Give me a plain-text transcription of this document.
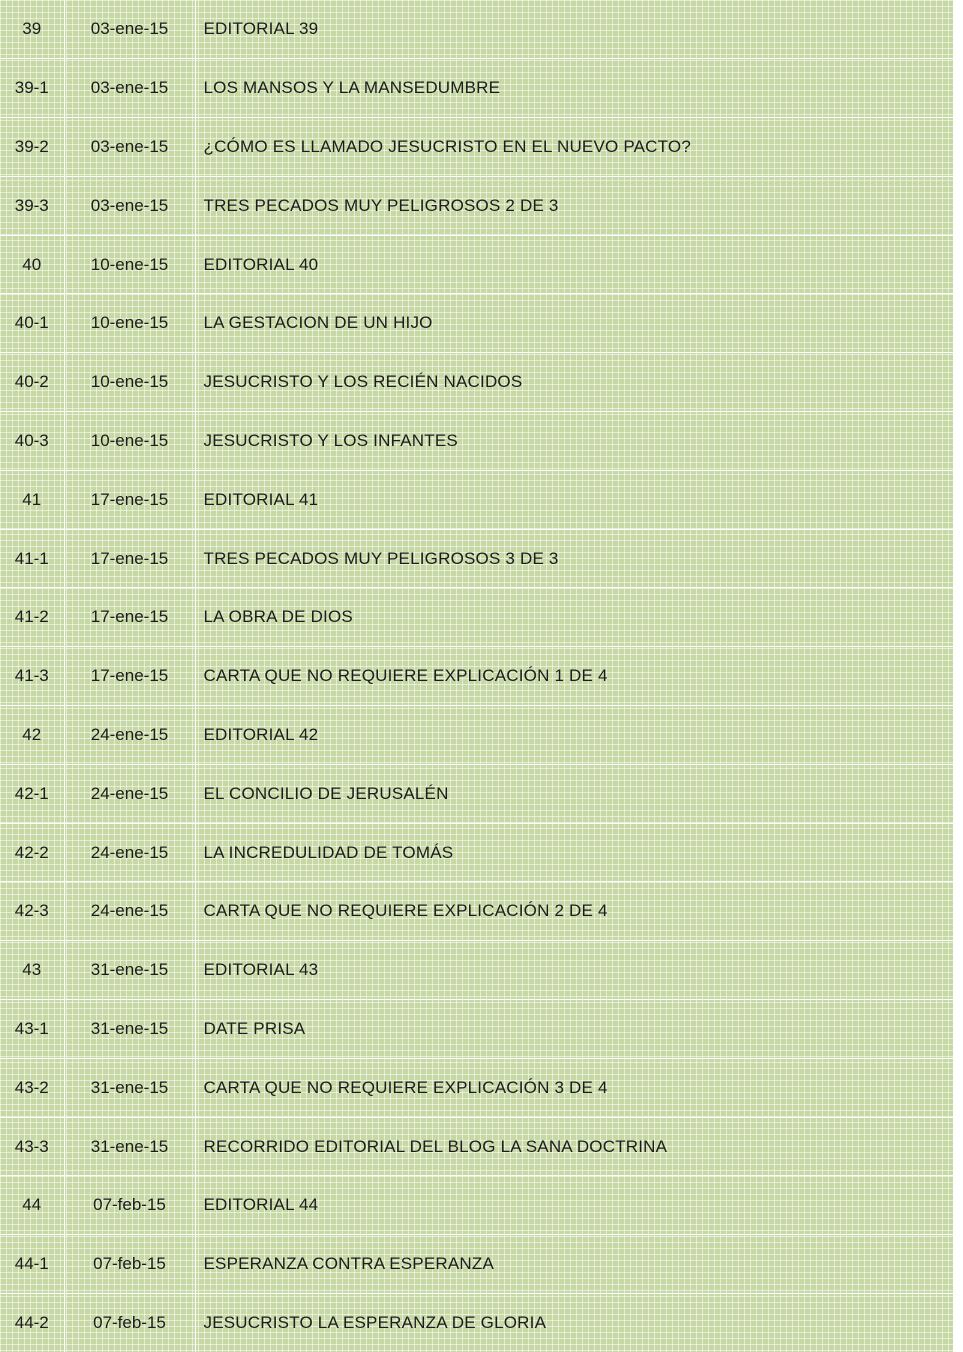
39	03-ene-15	EDITORIAL 39
39-1	03-ene-15	LOS MANSOS Y LA MANSEDUMBRE
39-2	03-ene-15	¿CÓMO ES LLAMADO JESUCRISTO EN EL NUEVO PACTO?
39-3	03-ene-15	TRES PECADOS MUY PELIGROSOS 2 DE 3
40	10-ene-15	EDITORIAL 40
40-1	10-ene-15	LA GESTACION DE UN HIJO
40-2	10-ene-15	JESUCRISTO Y LOS RECIÉN NACIDOS
40-3	10-ene-15	JESUCRISTO Y LOS INFANTES
41	17-ene-15	EDITORIAL 41
41-1	17-ene-15	TRES PECADOS MUY PELIGROSOS 3 DE 3
41-2	17-ene-15	LA OBRA DE DIOS
41-3	17-ene-15	CARTA QUE NO REQUIERE EXPLICACIÓN 1 DE 4
42	24-ene-15	EDITORIAL 42
42-1	24-ene-15	EL CONCILIO DE JERUSALÉN
42-2	24-ene-15	LA INCREDULIDAD DE TOMÁS
42-3	24-ene-15	CARTA QUE NO REQUIERE EXPLICACIÓN 2 DE 4
43	31-ene-15	EDITORIAL 43
43-1	31-ene-15	DATE PRISA
43-2	31-ene-15	CARTA QUE NO REQUIERE EXPLICACIÓN 3 DE 4
43-3	31-ene-15	RECORRIDO EDITORIAL DEL BLOG LA SANA DOCTRINA
44	07-feb-15	EDITORIAL 44
44-1	07-feb-15	ESPERANZA CONTRA ESPERANZA
44-2	07-feb-15	JESUCRISTO LA ESPERANZA DE GLORIA
